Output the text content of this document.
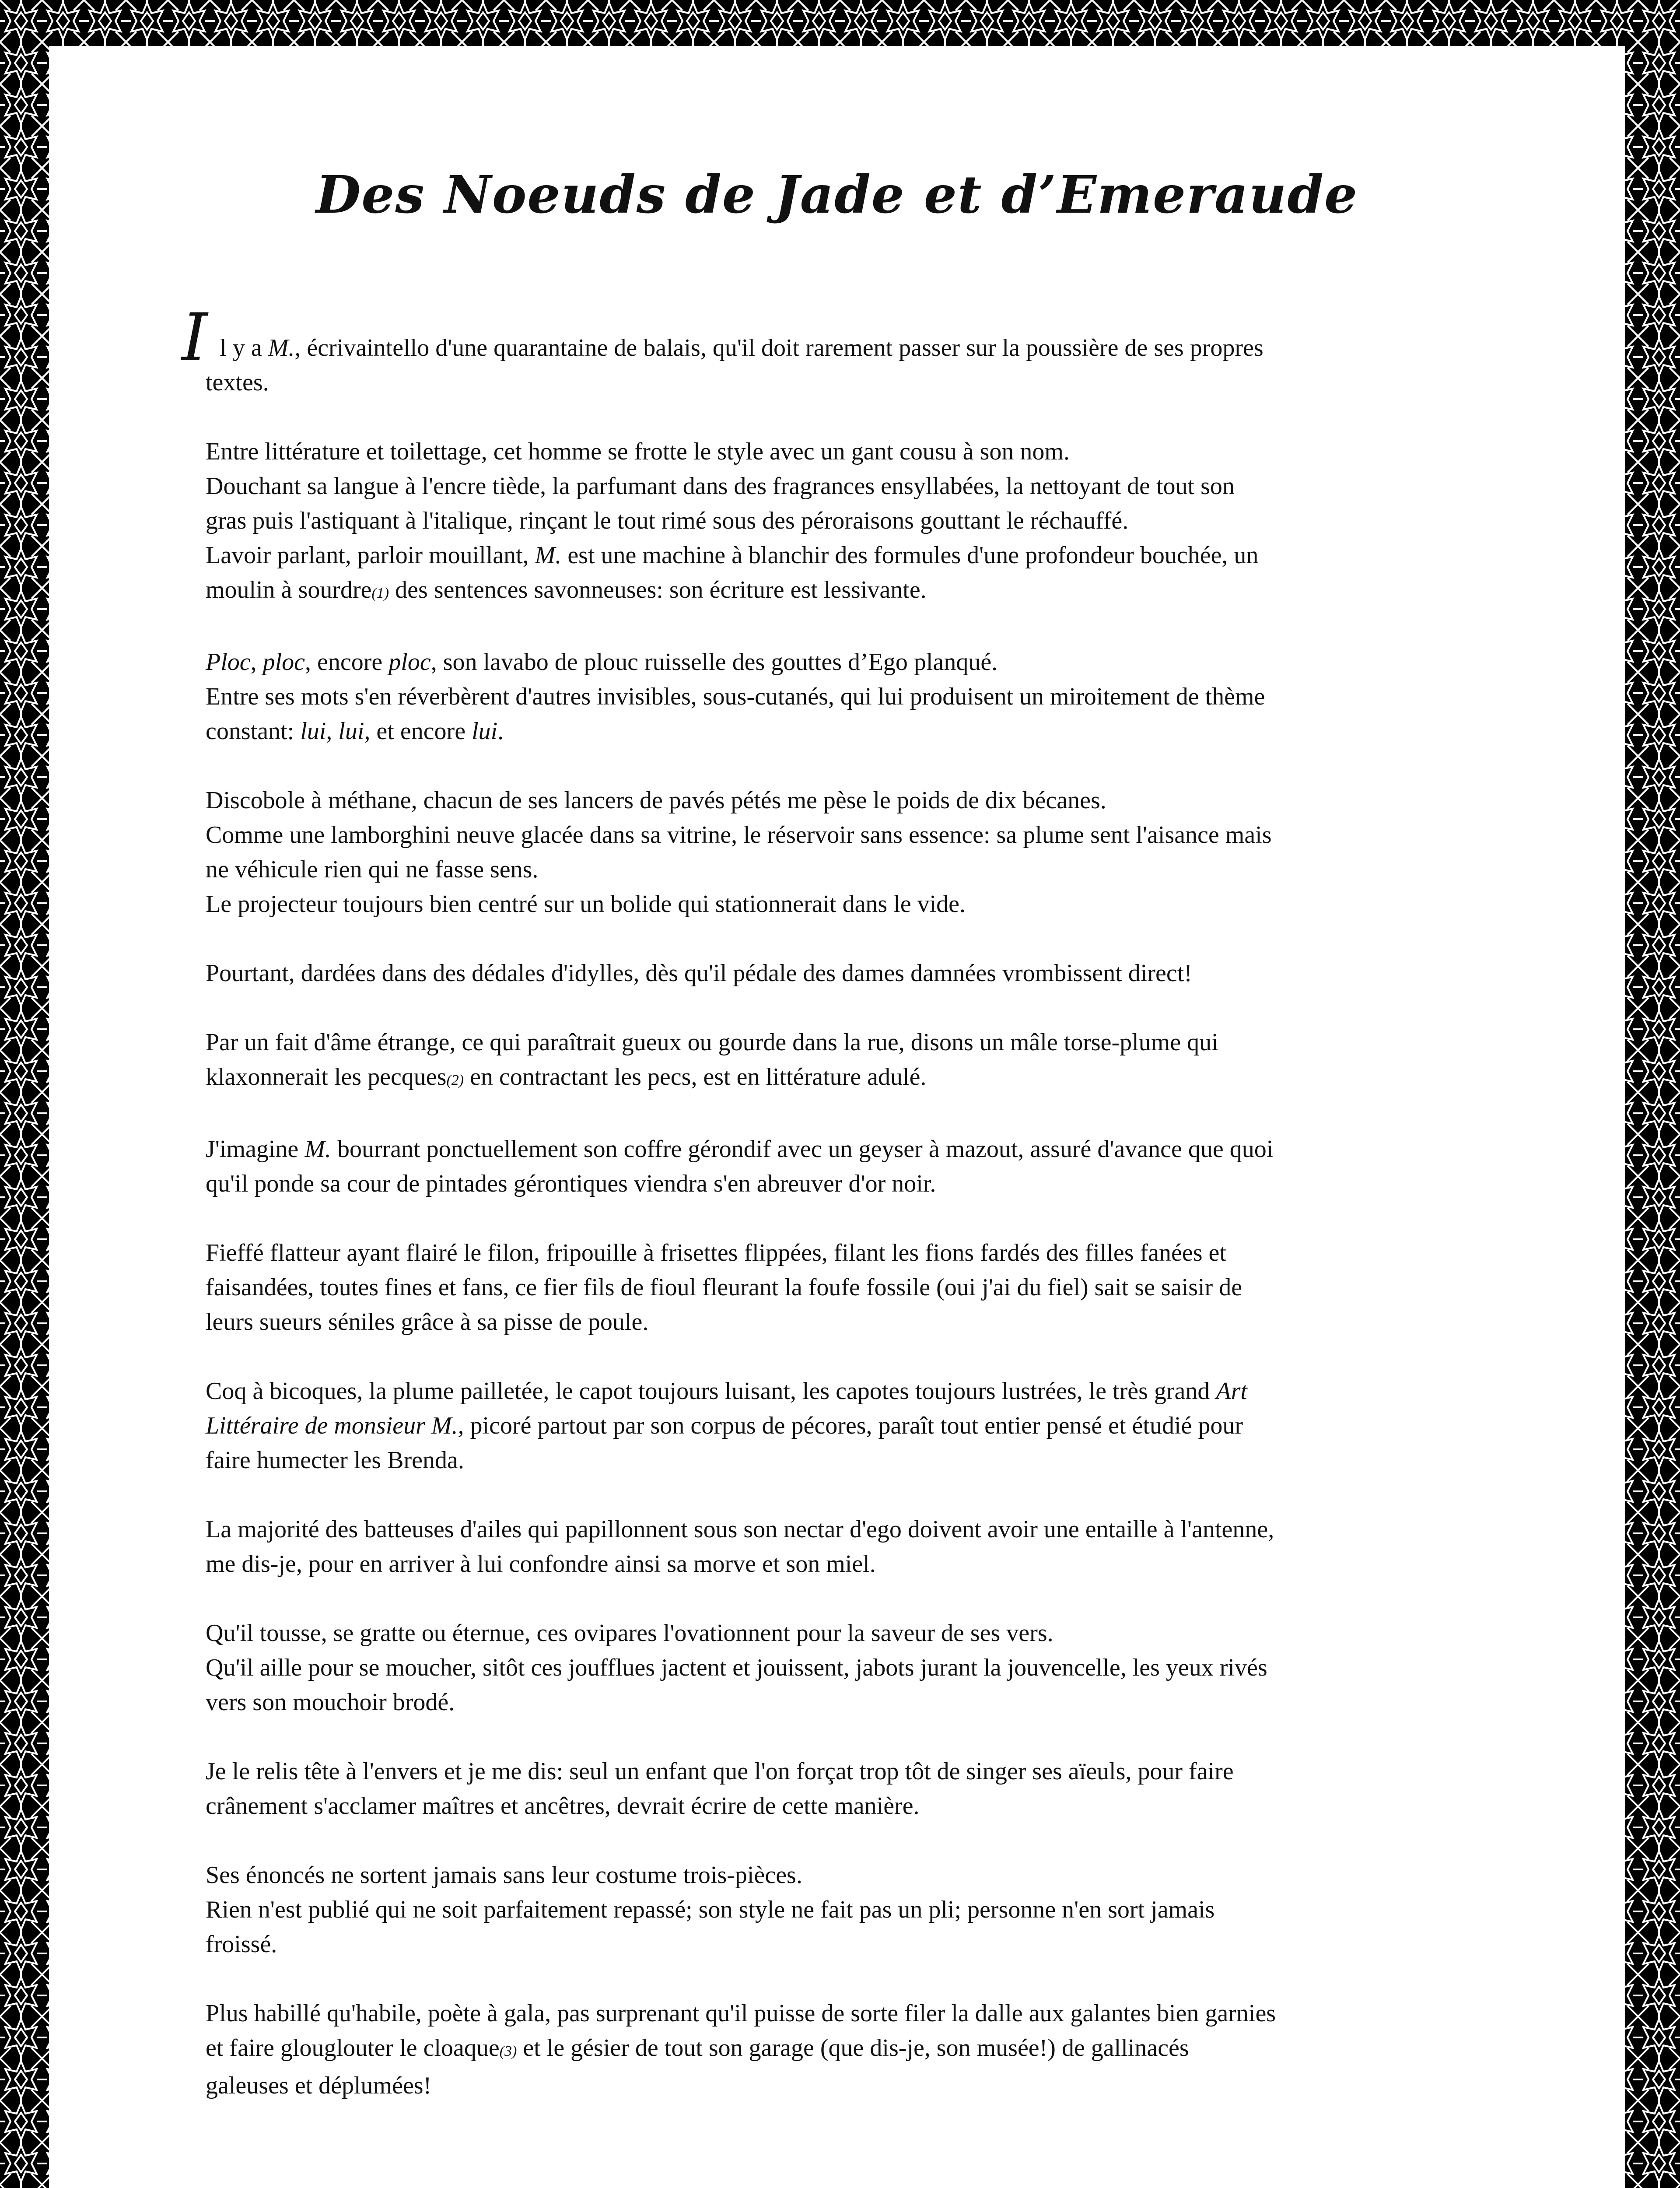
Des Noeuds de Jade et d’Emeraude

I l y a M., écrivaintello d'une quarantaine de balais, qu'il doit rarement passer sur la poussière de ses propres
textes.

Entre littérature et toilettage, cet homme se frotte le style avec un gant cousu à son nom.
Douchant sa langue à l'encre tiède, la parfumant dans des fragrances ensyllabées, la nettoyant de tout son
gras puis l'astiquant à l'italique, rinçant le tout rimé sous des péroraisons gouttant le réchauffé.
Lavoir parlant, parloir mouillant, M. est une machine à blanchir des formules d'une profondeur bouchée, un
moulin à sourdre(1) des sentences savonneuses: son écriture est lessivante.

Ploc, ploc, encore ploc, son lavabo de plouc ruisselle des gouttes d’Ego planqué.
Entre ses mots s'en réverbèrent d'autres invisibles, sous-cutanés, qui lui produisent un miroitement de thème
constant: lui, lui, et encore lui.

Discobole à méthane, chacun de ses lancers de pavés pétés me pèse le poids de dix bécanes.
Comme une lamborghini neuve glacée dans sa vitrine, le réservoir sans essence: sa plume sent l'aisance mais
ne véhicule rien qui ne fasse sens.
Le projecteur toujours bien centré sur un bolide qui stationnerait dans le vide.

Pourtant, dardées dans des dédales d'idylles, dès qu'il pédale des dames damnées vrombissent direct!

Par un fait d'âme étrange, ce qui paraîtrait gueux ou gourde dans la rue, disons un mâle torse-plume qui
klaxonnerait les pecques(2) en contractant les pecs, est en littérature adulé.

J'imagine M. bourrant ponctuellement son coffre gérondif avec un geyser à mazout, assuré d'avance que quoi
qu'il ponde sa cour de pintades gérontiques viendra s'en abreuver d'or noir.

Fieffé flatteur ayant flairé le filon, fripouille à frisettes flippées, filant les fions fardés des filles fanées et
faisandées, toutes fines et fans, ce fier fils de fioul fleurant la foufe fossile (oui j'ai du fiel) sait se saisir de
leurs sueurs séniles grâce à sa pisse de poule.

Coq à bicoques, la plume pailletée, le capot toujours luisant, les capotes toujours lustrées, le très grand Art
Littéraire de monsieur M., picoré partout par son corpus de pécores, paraît tout entier pensé et étudié pour
faire humecter les Brenda.

La majorité des batteuses d'ailes qui papillonnent sous son nectar d'ego doivent avoir une entaille à l'antenne,
me dis-je, pour en arriver à lui confondre ainsi sa morve et son miel.

Qu'il tousse, se gratte ou éternue, ces ovipares l'ovationnent pour la saveur de ses vers.
Qu'il aille pour se moucher, sitôt ces joufflues jactent et jouissent, jabots jurant la jouvencelle, les yeux rivés
vers son mouchoir brodé.

Je le relis tête à l'envers et je me dis: seul un enfant que l'on forçat trop tôt de singer ses aïeuls, pour faire
crânement s'acclamer maîtres et ancêtres, devrait écrire de cette manière.

Ses énoncés ne sortent jamais sans leur costume trois-pièces.
Rien n'est publié qui ne soit parfaitement repassé; son style ne fait pas un pli; personne n'en sort jamais
froissé.

Plus habillé qu'habile, poète à gala, pas surprenant qu'il puisse de sorte filer la dalle aux galantes bien garnies
et faire glouglouter le cloaque(3) et le gésier de tout son garage (que dis-je, son musée!) de gallinacés
galeuses et déplumées!
